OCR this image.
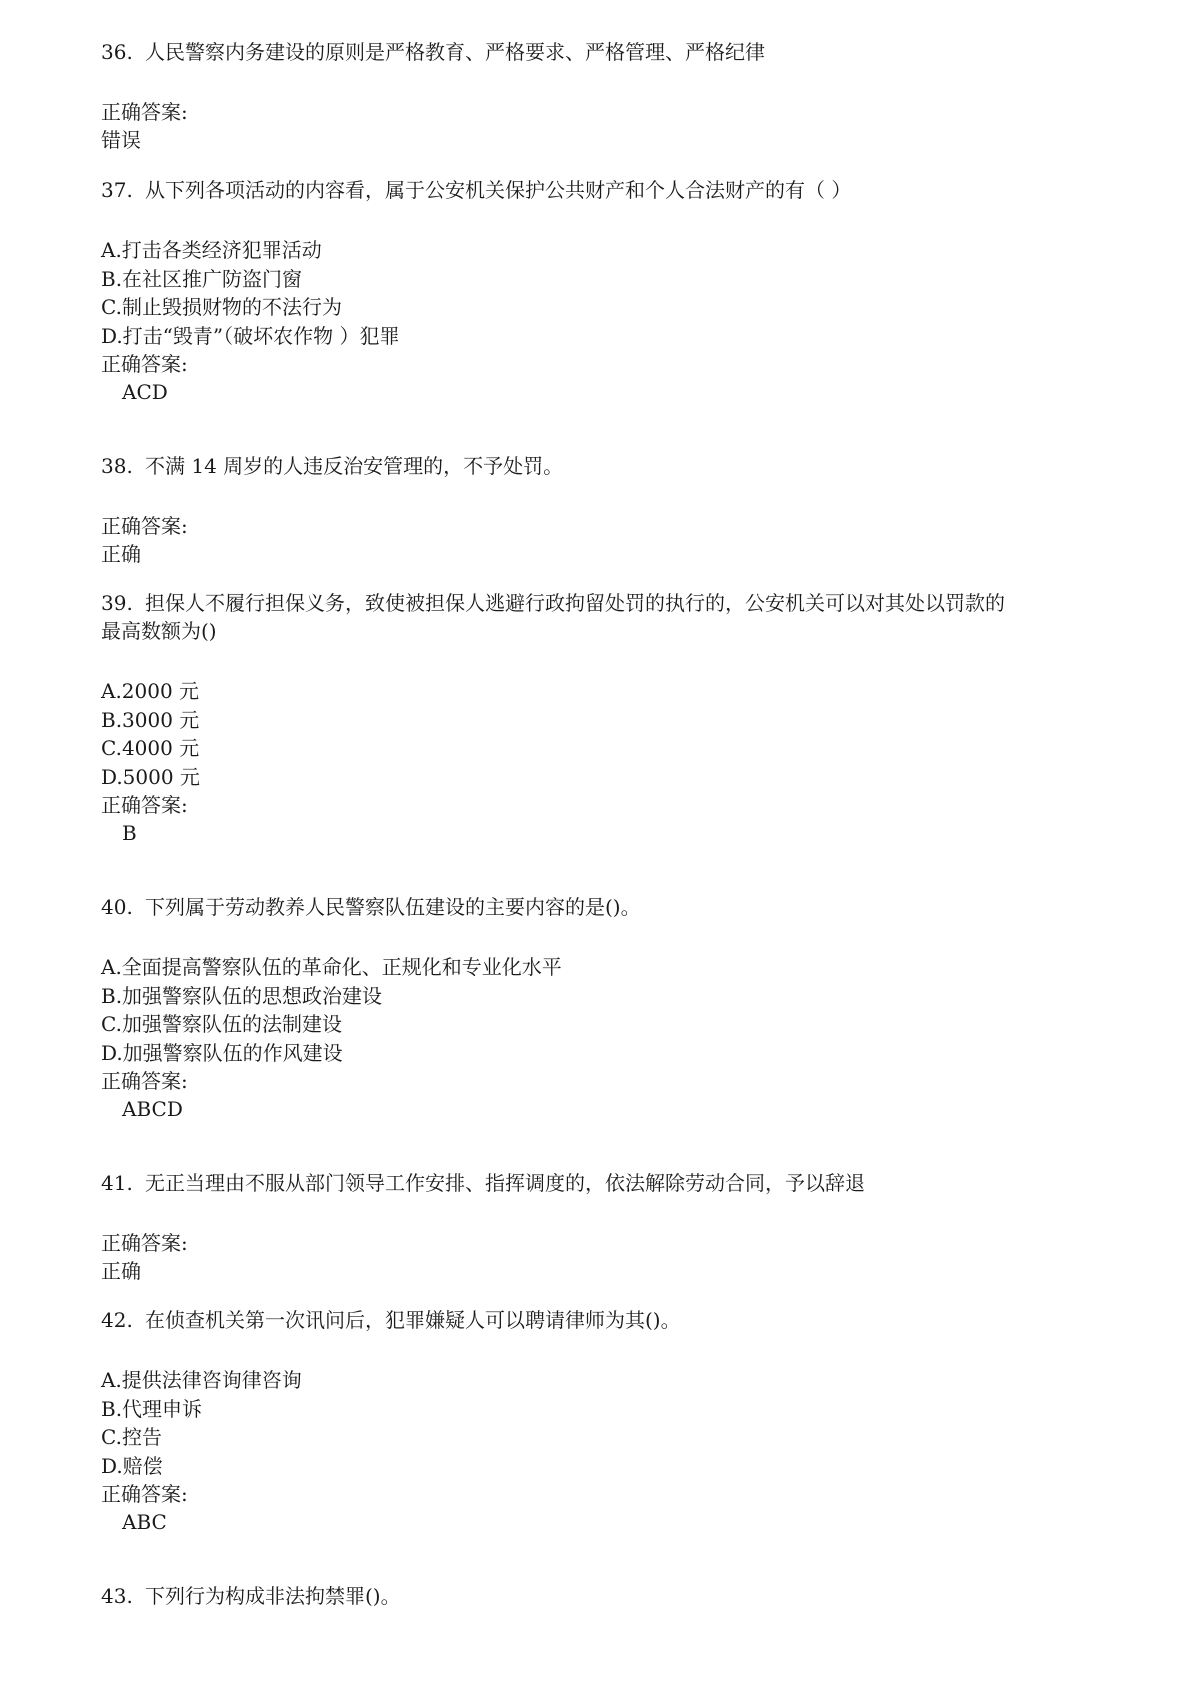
36. 人民警察内务建设的原则是严格教育、严格要求、严格管理、严格纪律
正确答案:
错误
37. 从下列各项活动的内容看，属于公安机关保护公共财产和个人合法财产的有（ ）
A.打击各类经济犯罪活动
B.在社区推广防盗门窗
C.制止毁损财物的不法行为
D.打击“毁青”（破坏农作物 ）犯罪
正确答案:
ACD
38. 不满 14 周岁的人违反治安管理的，不予处罚。
正确答案:
正确
39. 担保人不履行担保义务，致使被担保人逃避行政拘留处罚的执行的，公安机关可以对其处以罚款的
最高数额为()
A.2000 元
B.3000 元
C.4000 元
D.5000 元
正确答案:
B
40. 下列属于劳动教养人民警察队伍建设的主要内容的是()。
A.全面提高警察队伍的革命化、正规化和专业化水平
B.加强警察队伍的思想政治建设
C.加强警察队伍的法制建设
D.加强警察队伍的作风建设
正确答案:
ABCD
41. 无正当理由不服从部门领导工作安排、指挥调度的，依法解除劳动合同，予以辞退
正确答案:
正确
42. 在侦查机关第一次讯问后，犯罪嫌疑人可以聘请律师为其()。
A.提供法律咨询律咨询
B.代理申诉
C.控告
D.赔偿
正确答案:
ABC
43. 下列行为构成非法拘禁罪()。
